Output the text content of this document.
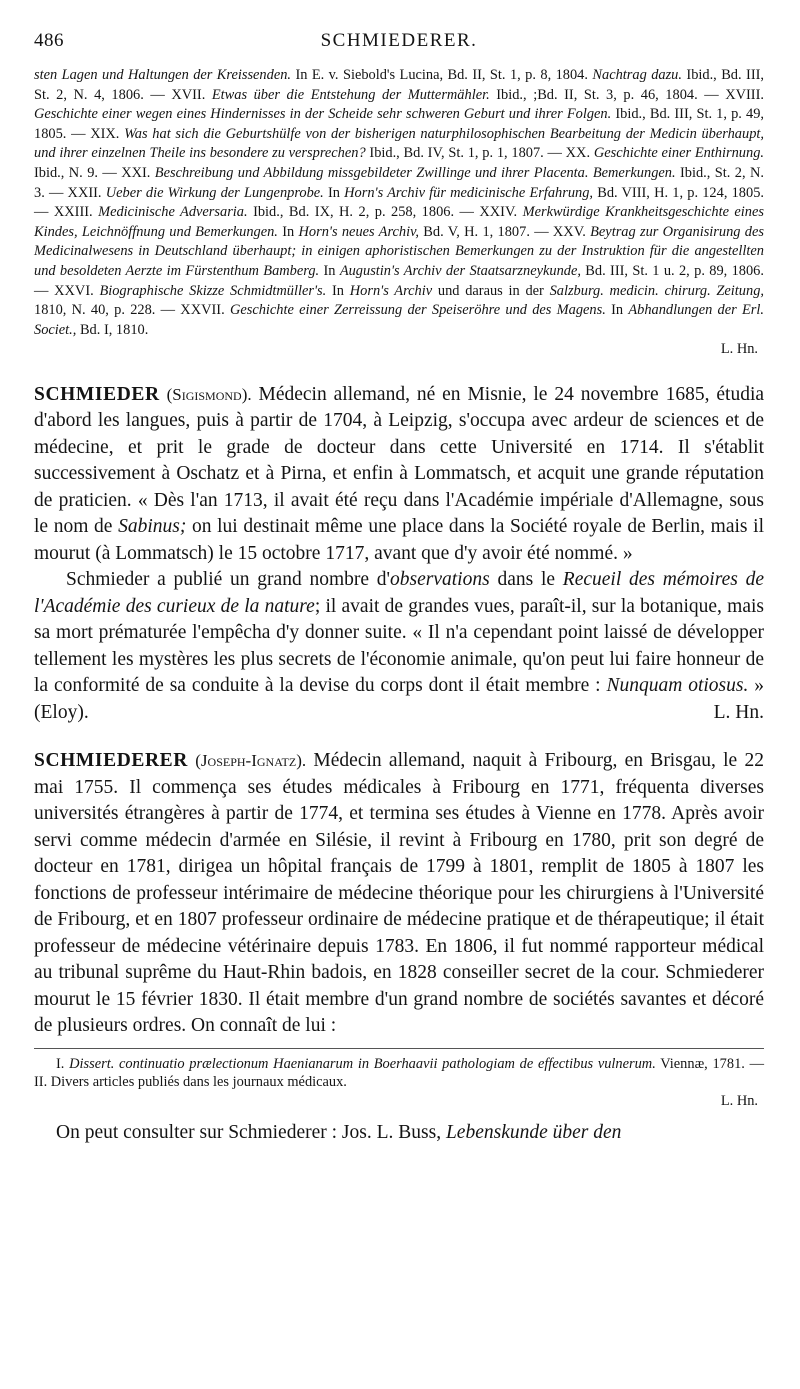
486	SCHMIEDERER.

sten Lagen und Haltungen der Kreissenden. In E. v. Siebold's Lucina, Bd. II, St. 1, p. 8, 1804. Nachtrag dazu. Ibid., Bd. III, St. 2, N. 4, 1806. — XVII. Etwas über die Entstehung der Muttermähler. Ibid., ;Bd. II, St. 3, p. 46, 1804. — XVIII. Geschichte einer wegen eines Hindernisses in der Scheide sehr schweren Geburt und ihrer Folgen. Ibid., Bd. III, St. 1, p. 49, 1805. — XIX. Was hat sich die Geburtshülfe von der bisherigen naturphilosophischen Bearbeitung der Medicin überhaupt, und ihrer einzelnen Theile ins besondere zu versprechen? Ibid., Bd. IV, St. 1, p. 1, 1807. — XX. Geschichte einer Enthirnung. Ibid., N. 9. — XXI. Beschreibung und Abbildung missgebildeter Zwillinge und ihrer Placenta. Bemerkungen. Ibid., St. 2, N. 3. — XXII. Ueber die Wirkung der Lungenprobe. In Horn's Archiv für medicinische Erfahrung, Bd. VIII, H. 1, p. 124, 1805. — XXIII. Medicinische Adversaria. Ibid., Bd. IX, H. 2, p. 258, 1806. — XXIV. Merkwürdige Krankheitsgeschichte eines Kindes, Leichnöffnung und Bemerkungen. In Horn's neues Archiv, Bd. V, H. 1, 1807. — XXV. Beytrag zur Organisirung des Medicinalwesens in Deutschland überhaupt; in einigen aphoristischen Bemerkungen zu der Instruktion für die angestellten und besoldeten Aerzte im Fürstenthum Bamberg. In Augustin's Archiv der Staatsarzneykunde, Bd. III, St. 1 u. 2, p. 89, 1806. — XXVI. Biographische Skizze Schmidtmüller's. In Horn's Archiv und daraus in der Salzburg. medicin. chirurg. Zeitung, 1810, N. 40, p. 228. — XXVII. Geschichte einer Zerreissung der Speiseröhre und des Magens. In Abhandlungen der Erl. Societ., Bd. I, 1810.
L. Hn.

SCHMIEDER (Sigismond). Médecin allemand, né en Misnie, le 24 novembre 1685, étudia d'abord les langues, puis à partir de 1704, à Leipzig, s'occupa avec ardeur de sciences et de médecine, et prit le grade de docteur dans cette Université en 1714. Il s'établit successivement à Oschatz et à Pirna, et enfin à Lommatsch, et acquit une grande réputation de praticien. « Dès l'an 1713, il avait été reçu dans l'Académie impériale d'Allemagne, sous le nom de Sabinus; on lui destinait même une place dans la Société royale de Berlin, mais il mourut (à Lommatsch) le 15 octobre 1717, avant que d'y avoir été nommé. »

Schmieder a publié un grand nombre d'observations dans le Recueil des mémoires de l'Académie des curieux de la nature; il avait de grandes vues, paraît-il, sur la botanique, mais sa mort prématurée l'empêcha d'y donner suite. « Il n'a cependant point laissé de développer tellement les mystères les plus secrets de l'économie animale, qu'on peut lui faire honneur de la conformité de sa conduite à la devise du corps dont il était membre : Nunquam otiosus. » (Eloy).	L. Hn.

SCHMIEDERER (Joseph-Ignatz). Médecin allemand, naquit à Fribourg, en Brisgau, le 22 mai 1755. Il commença ses études médicales à Fribourg en 1771, fréquenta diverses universités étrangères à partir de 1774, et termina ses études à Vienne en 1778. Après avoir servi comme médecin d'armée en Silésie, il revint à Fribourg en 1780, prit son degré de docteur en 1781, dirigea un hôpital français de 1799 à 1801, remplit de 1805 à 1807 les fonctions de professeur intérimaire de médecine théorique pour les chirurgiens à l'Université de Fribourg, et en 1807 professeur ordinaire de médecine pratique et de thérapeutique; il était professeur de médecine vétérinaire depuis 1783. En 1806, il fut nommé rapporteur médical au tribunal suprême du Haut-Rhin badois, en 1828 conseiller secret de la cour. Schmiederer mourut le 15 février 1830. Il était membre d'un grand nombre de sociétés savantes et décoré de plusieurs ordres. On connaît de lui :

I. Dissert. continuatio prælectionum Haenianarum in Boerhaavii pathologiam de effectibus vulnerum. Viennæ, 1781. — II. Divers articles publiés dans les journaux médicaux.
L. Hn.

On peut consulter sur Schmiederer : Jos. L. Buss, Lebenskunde über den
